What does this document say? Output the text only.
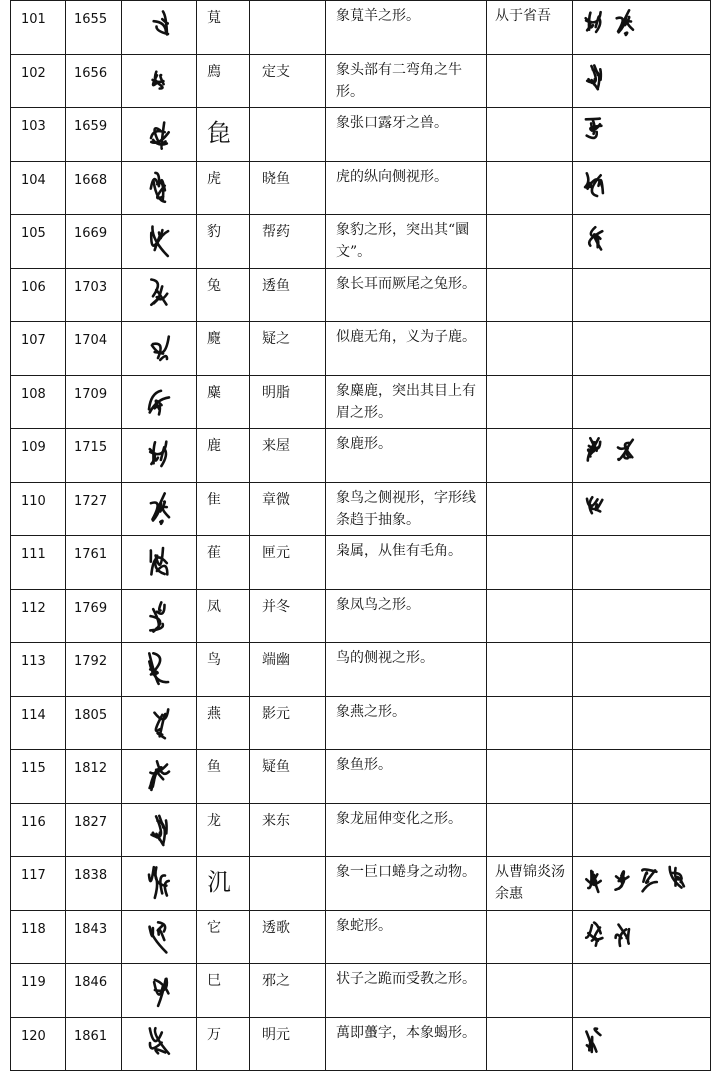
101	1655		萈		象萈羊之形。	从于省吾	

102	1656		廌	定支	象头部有二弯角之牛形。		

103	1659		㲋		象张口露牙之兽。		

104	1668		虎	晓鱼	虎的纵向侧视形。		

105	1669		豹	帮药	象豹之形，突出其“圜文”。		

106	1703		兔	透鱼	象长耳而厥尾之兔形。		
107	1704		麑	疑之	似鹿无角，义为子鹿。		
108	1709		麋	明脂	象麋鹿，突出其目上有眉之形。		
109	1715		鹿	来屋	象鹿形。		

110	1727		隹	章微	象鸟之侧视形，字形线条趋于抽象。		

111	1761		萑	匣元	枭属，从隹有毛角。		
112	1769		凤	并冬	象凤鸟之形。		
113	1792		鸟	端幽	鸟的侧视之形。		
114	1805		燕	影元	象燕之形。		
115	1812		鱼	疑鱼	象鱼形。		
116	1827		龙	来东	象龙屈伸变化之形。		
117	1838		㲹		象一巨口蜷身之动物。	从曹锦炎汤余惠	

118	1843		它	透歌	象蛇形。		

119	1846		巳	邪之	状子之跪而受教之形。		
120	1861		万	明元	萬即蠆字，本象蝎形。		
